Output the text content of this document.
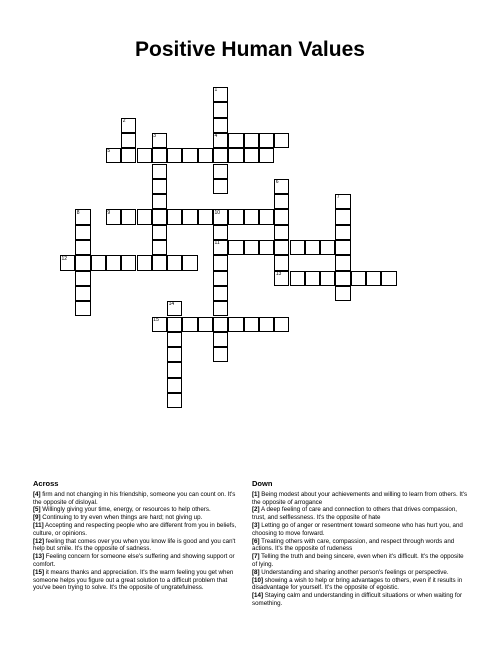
Positive Human Values
1
2
3	4
5
6
7
8	9	10
11
12
13
14
15
Across

[4] firm and not changing in his friendship, someone you can count on. It's the opposite of disloyal.

[5] Willingly giving your time, energy, or resources to help others.

[9] Continuing to try even when things are hard; not giving up.

[11] Accepting and respecting people who are different from you in beliefs, culture, or opinions.

[12] feeling that comes over you when you know life is good and you can't help but smile. It's the opposite of sadness.

[13] Feeling concern for someone else's suffering and showing support or comfort.

[15] it means thanks and appreciation. It's the warm feeling you get when someone helps you figure out a great solution to a difficult problem that you've been trying to solve. It's the opposite of ungratefulness.

Down

[1] Being modest about your achievements and willing to learn from others. It's the opposite of arrogance

[2] A deep feeling of care and connection to others that drives compassion, trust, and selflessness. It's the opposite of hate

[3] Letting go of anger or resentment toward someone who has hurt you, and choosing to move forward.

[6] Treating others with care, compassion, and respect through words and actions. It's the opposite of rudeness

[7] Telling the truth and being sincere, even when it's difficult. It's the opposite of lying.

[8] Understanding and sharing another person's feelings or perspective.

[10] showing a wish to help or bring advantages to others, even if it results in disadvantage for yourself. It's the opposite of egoistic.

[14] Staying calm and understanding in difficult situations or when waiting for something.
